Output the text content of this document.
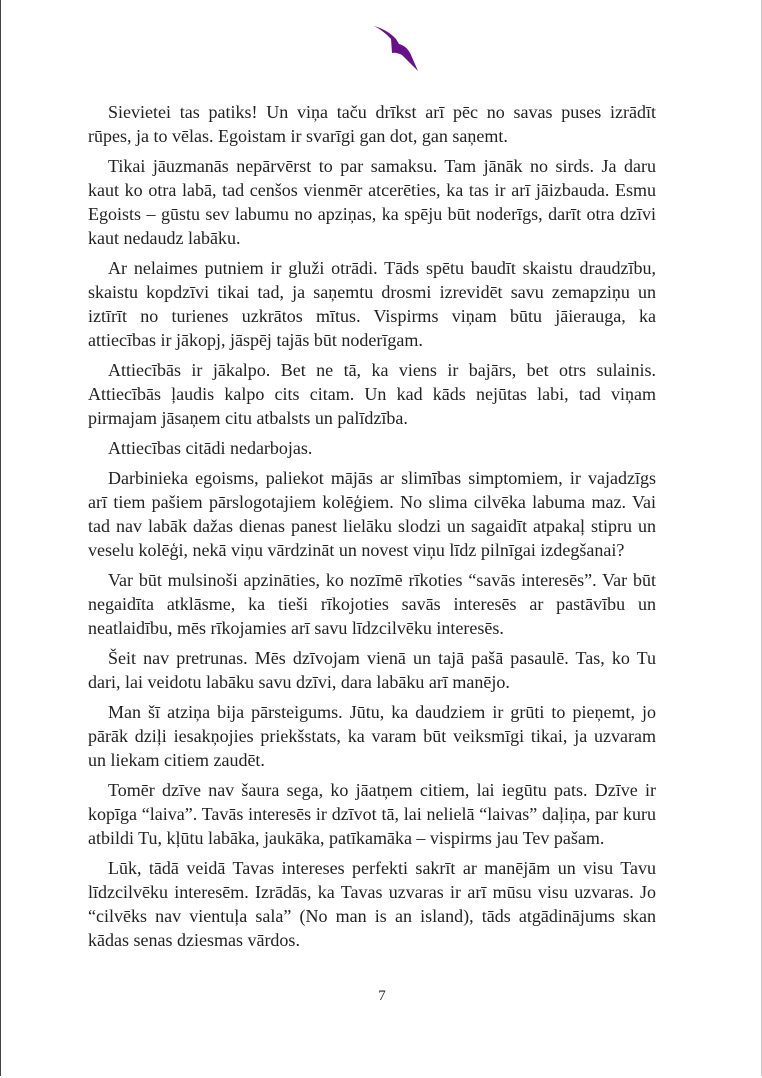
Sievietei tas patiks! Un viņa taču drīkst arī pēc no savas puses izrādīt
rūpes, ja to vēlas. Egoistam ir svarīgi gan dot, gan saņemt.
Tikai jāuzmanās nepārvērst to par samaksu. Tam jānāk no sirds. Ja daru
kaut ko otra labā, tad cenšos vienmēr atcerēties, ka tas ir arī jāizbauda. Esmu
Egoists – gūstu sev labumu no apziņas, ka spēju būt noderīgs, darīt otra dzīvi
kaut nedaudz labāku.
Ar nelaimes putniem ir gluži otrādi. Tāds spētu baudīt skaistu draudzību,
skaistu kopdzīvi tikai tad, ja saņemtu drosmi izrevidēt savu zemapziņu un
iztīrīt no turienes uzkrātos mītus. Vispirms viņam būtu jāierauga, ka
attiecības ir jākopj, jāspēj tajās būt noderīgam.
Attiecībās ir jākalpo. Bet ne tā, ka viens ir bajārs, bet otrs sulainis.
Attiecībās ļaudis kalpo cits citam. Un kad kāds nejūtas labi, tad viņam
pirmajam jāsaņem citu atbalsts un palīdzība.
Attiecības citādi nedarbojas.
Darbinieka egoisms, paliekot mājās ar slimības simptomiem, ir vajadzīgs
arī tiem pašiem pārslogotajiem kolēģiem. No slima cilvēka labuma maz. Vai
tad nav labāk dažas dienas panest lielāku slodzi un sagaidīt atpakaļ stipru un
veselu kolēģi, nekā viņu vārdzināt un novest viņu līdz pilnīgai izdegšanai?
Var būt mulsinoši apzināties, ko nozīmē rīkoties “savās interesēs”. Var būt
negaidīta atklāsme, ka tieši rīkojoties savās interesēs ar pastāvību un
neatlaidību, mēs rīkojamies arī savu līdzcilvēku interesēs.
Šeit nav pretrunas. Mēs dzīvojam vienā un tajā pašā pasaulē. Tas, ko Tu
dari, lai veidotu labāku savu dzīvi, dara labāku arī manējo.
Man šī atziņa bija pārsteigums. Jūtu, ka daudziem ir grūti to pieņemt, jo
pārāk dziļi iesakņojies priekšstats, ka varam būt veiksmīgi tikai, ja uzvaram
un liekam citiem zaudēt.
Tomēr dzīve nav šaura sega, ko jāatņem citiem, lai iegūtu pats. Dzīve ir
kopīga “laiva”. Tavās interesēs ir dzīvot tā, lai nelielā “laivas” daļiņa, par kuru
atbildi Tu, kļūtu labāka, jaukāka, patīkamāka – vispirms jau Tev pašam.
Lūk, tādā veidā Tavas intereses perfekti sakrīt ar manējām un visu Tavu
līdzcilvēku interesēm. Izrādās, ka Tavas uzvaras ir arī mūsu visu uzvaras. Jo
“cilvēks nav vientuļa sala” (No man is an island), tāds atgādinājums skan
kādas senas dziesmas vārdos.
7
